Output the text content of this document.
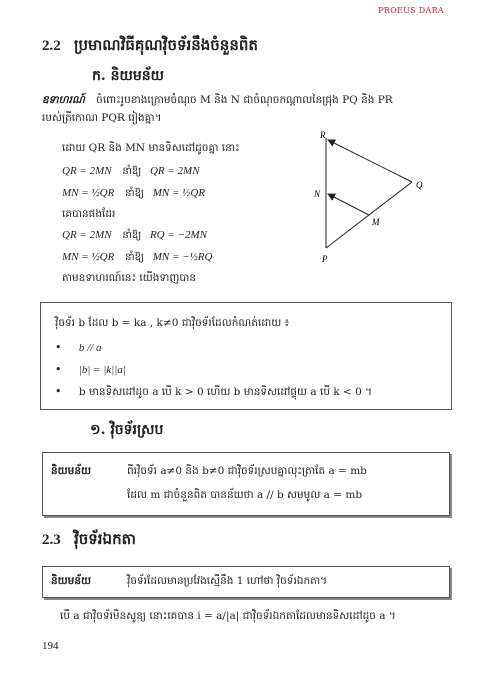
PROEUS DARA
2.2 ប្រមាណវិធីគុណវ៉ិចទ័រនឹងចំនួនពិត
ក. និយមន័យ
ឧទាហរណ៍ ចំពោះរូបខាងក្រោមចំណុច M និង N ជាចំណុចកណ្ដាលនៃជ្រុង PQ និង PR
របស់ត្រីកោណ PQR រៀងគ្នា។
ដោយ QR និង MN មានទិសដៅដូចគ្នា នោះ
QR = 2MN នាំឱ្យ QR = 2MN
MN = ½QR នាំឱ្យ MN = ½QR
គេបានផងដែរ
QR = 2MN នាំឱ្យ RQ = −2MN
MN = ½QR នាំឱ្យ MN = −½RQ
តាមឧទាហរណ៍នេះ យើងទាញបាន
R
N
M
Q
P
វ៉ិចទ័រ b ដែល b = ka , k≠0 ជាវ៉ិចទ័រដែលកំណត់ដោយ ៖
• b // a
• |b| = |k||a|
• b មានទិសដៅដូច a បើ k > 0 ហើយ b មានទិសដៅផ្ទុយ a បើ k < 0 ។
១. វ៉ិចទ័រស្រប
និយមន័យ	ពីរវ៉ិចទ័រ a≠0 និង b≠0 ជាវ៉ិចទ័រស្របគ្នាលុះត្រាតែ a = mb
ដែល m ជាចំនួនពិត បានន័យថា a // b សមមូល a = mb
2.3 វ៉ិចទ័រឯកតា
និយមន័យ	វ៉ិចទ័រដែលមានប្រវែងស្មើនឹង 1 ហៅថា វ៉ិចទ័រឯកតា។
បើ a ជាវ៉ិចទ័រមិនសូន្យ នោះគេបាន i = a/|a| ជាវ៉ិចទ័រឯកតាដែលមានទិសដៅដូច a ។
194
